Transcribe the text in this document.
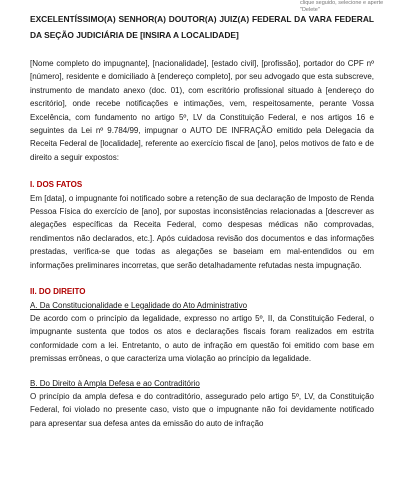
clique seguido, selecione e aperte "Delete"

EXCELENTÍSSIMO(A) SENHOR(A) DOUTOR(A) JUIZ(A) FEDERAL DA VARA FEDERAL DA SEÇÃO JUDICIÁRIA DE [INSIRA A LOCALIDADE]

[Nome completo do impugnante], [nacionalidade], [estado civil], [profissão], portador do CPF nº [número], residente e domiciliado à [endereço completo], por seu advogado que esta subscreve, instrumento de mandato anexo (doc. 01), com escritório profissional situado à [endereço do escritório], onde recebe notificações e intimações, vem, respeitosamente, perante Vossa Excelência, com fundamento no artigo 5º, LV da Constituição Federal, e nos artigos 16 e seguintes da Lei nº 9.784/99, impugnar o AUTO DE INFRAÇÃO emitido pela Delegacia da Receita Federal de [localidade], referente ao exercício fiscal de [ano], pelos motivos de fato e de direito a seguir expostos:

I. DOS FATOS

Em [data], o impugnante foi notificado sobre a retenção de sua declaração de Imposto de Renda Pessoa Física do exercício de [ano], por supostas inconsistências relacionadas a [descrever as alegações específicas da Receita Federal, como despesas médicas não comprovadas, rendimentos não declarados, etc.]. Após cuidadosa revisão dos documentos e das informações prestadas, verifica-se que todas as alegações se baseiam em mal-entendidos ou em informações preliminares incorretas, que serão detalhadamente refutadas nesta impugnação.

II. DO DIREITO

A. Da Constitucionalidade e Legalidade do Ato Administrativo

De acordo com o princípio da legalidade, expresso no artigo 5º, II, da Constituição Federal, o impugnante sustenta que todos os atos e declarações fiscais foram realizados em estrita conformidade com a lei. Entretanto, o auto de infração em questão foi emitido com base em premissas errôneas, o que caracteriza uma violação ao princípio da legalidade.

B. Do Direito à Ampla Defesa e ao Contraditório

O princípio da ampla defesa e do contraditório, assegurado pelo artigo 5º, LV, da Constituição Federal, foi violado no presente caso, visto que o impugnante não foi devidamente notificado para apresentar sua defesa antes da emissão do auto de infração
